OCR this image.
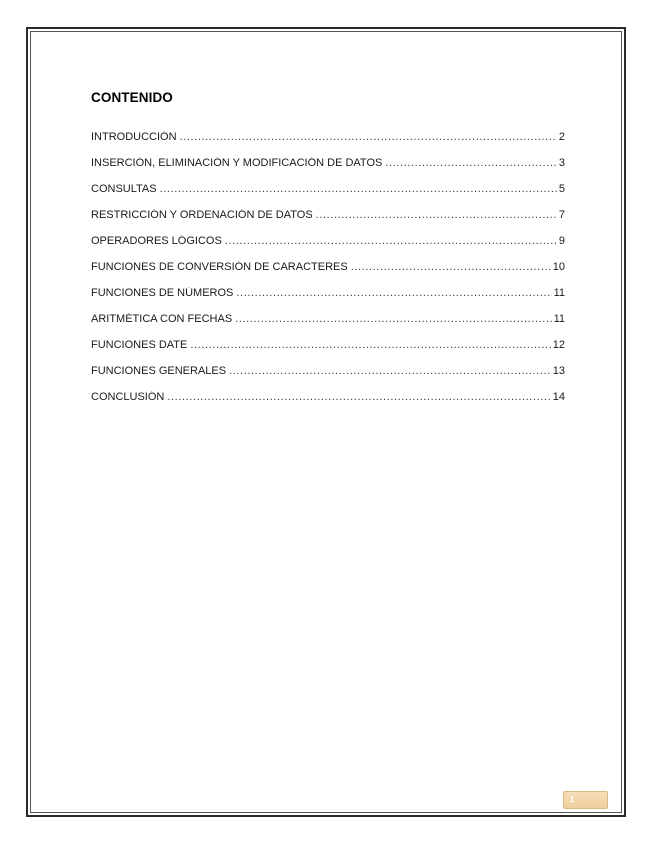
CONTENIDO
INTRODUCCIÓN .....	2
INSERCIÓN, ELIMINACIÓN Y MODIFICACIÓN DE DATOS .....	3
CONSULTAS .....	5
RESTRICCIÓN Y ORDENACIÓN DE DATOS .....	7
OPERADORES LÓGICOS .....	9
FUNCIONES DE CONVERSIÓN DE CARACTERES .....	10
FUNCIONES DE NÚMEROS .....	11
ARITMÉTICA CON FECHAS .....	11
FUNCIONES DATE .....	12
FUNCIONES GENERALES .....	13
CONCLUSIÓN .....	14
1
